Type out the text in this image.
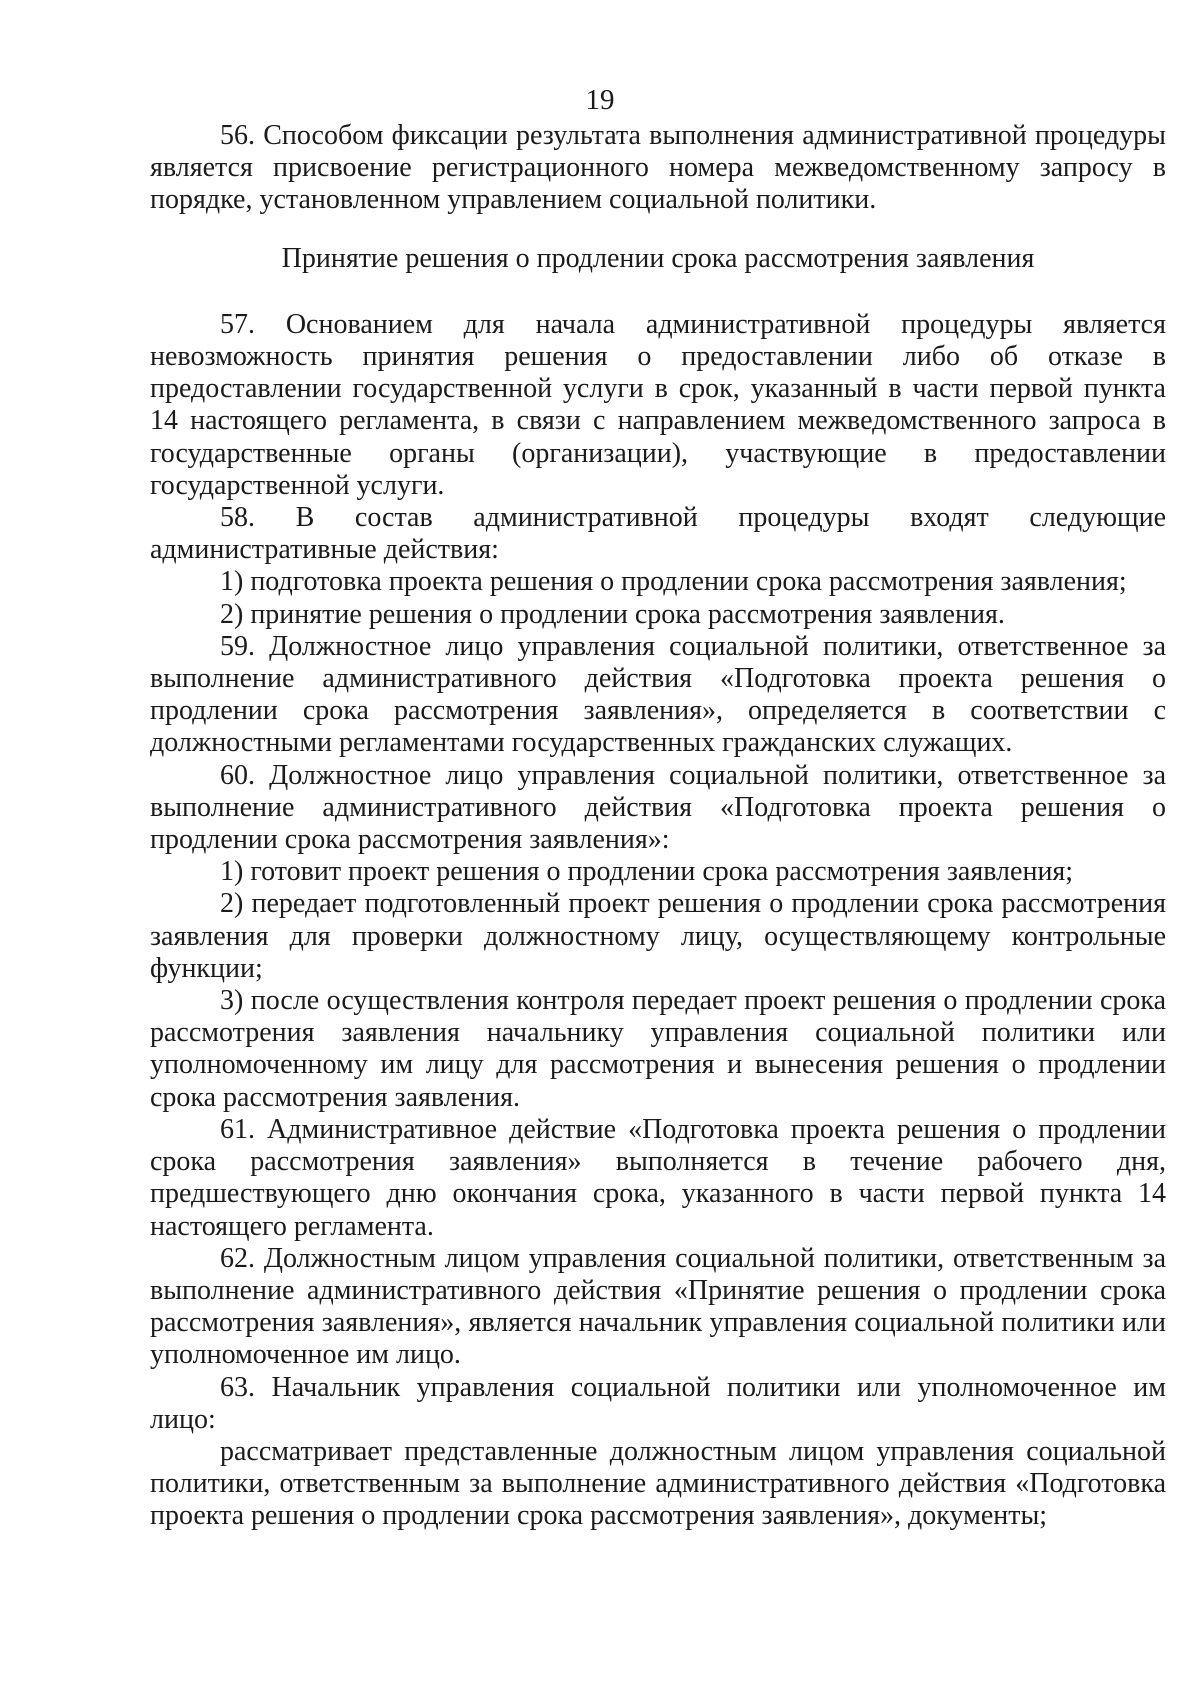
19

56. Способом фиксации результата выполнения административной процедуры является присвоение регистрационного номера межведомственному запросу в порядке, установленном управлением социальной политики.

Принятие решения о продлении срока рассмотрения заявления

57. Основанием для начала административной процедуры является невозможность принятия решения о предоставлении либо об отказе в предоставлении государственной услуги в срок, указанный в части первой пункта 14 настоящего регламента, в связи с направлением межведомственного запроса в государственные органы (организации), участвующие в предоставлении государственной услуги.

58. В состав административной процедуры входят следующие административные действия:

1) подготовка проекта решения о продлении срока рассмотрения заявления;

2) принятие решения о продлении срока рассмотрения заявления.

59. Должностное лицо управления социальной политики, ответственное за выполнение административного действия «Подготовка проекта решения о продлении срока рассмотрения заявления», определяется в соответствии с должностными регламентами государственных гражданских служащих.

60. Должностное лицо управления социальной политики, ответственное за выполнение административного действия «Подготовка проекта решения о продлении срока рассмотрения заявления»:

1) готовит проект решения о продлении срока рассмотрения заявления;

2) передает подготовленный проект решения о продлении срока рассмотрения заявления для проверки должностному лицу, осуществляющему контрольные функции;

3) после осуществления контроля передает проект решения о продлении срока рассмотрения заявления начальнику управления социальной политики или уполномоченному им лицу для рассмотрения и вынесения решения о продлении срока рассмотрения заявления.

61. Административное действие «Подготовка проекта решения о продлении срока рассмотрения заявления» выполняется в течение рабочего дня, предшествующего дню окончания срока, указанного в части первой пункта 14 настоящего регламента.

62. Должностным лицом управления социальной политики, ответственным за выполнение административного действия «Принятие решения о продлении срока рассмотрения заявления», является начальник управления социальной политики или уполномоченное им лицо.

63. Начальник управления социальной политики или уполномоченное им лицо:

рассматривает представленные должностным лицом управления социальной политики, ответственным за выполнение административного действия «Подготовка проекта решения о продлении срока рассмотрения заявления», документы;
